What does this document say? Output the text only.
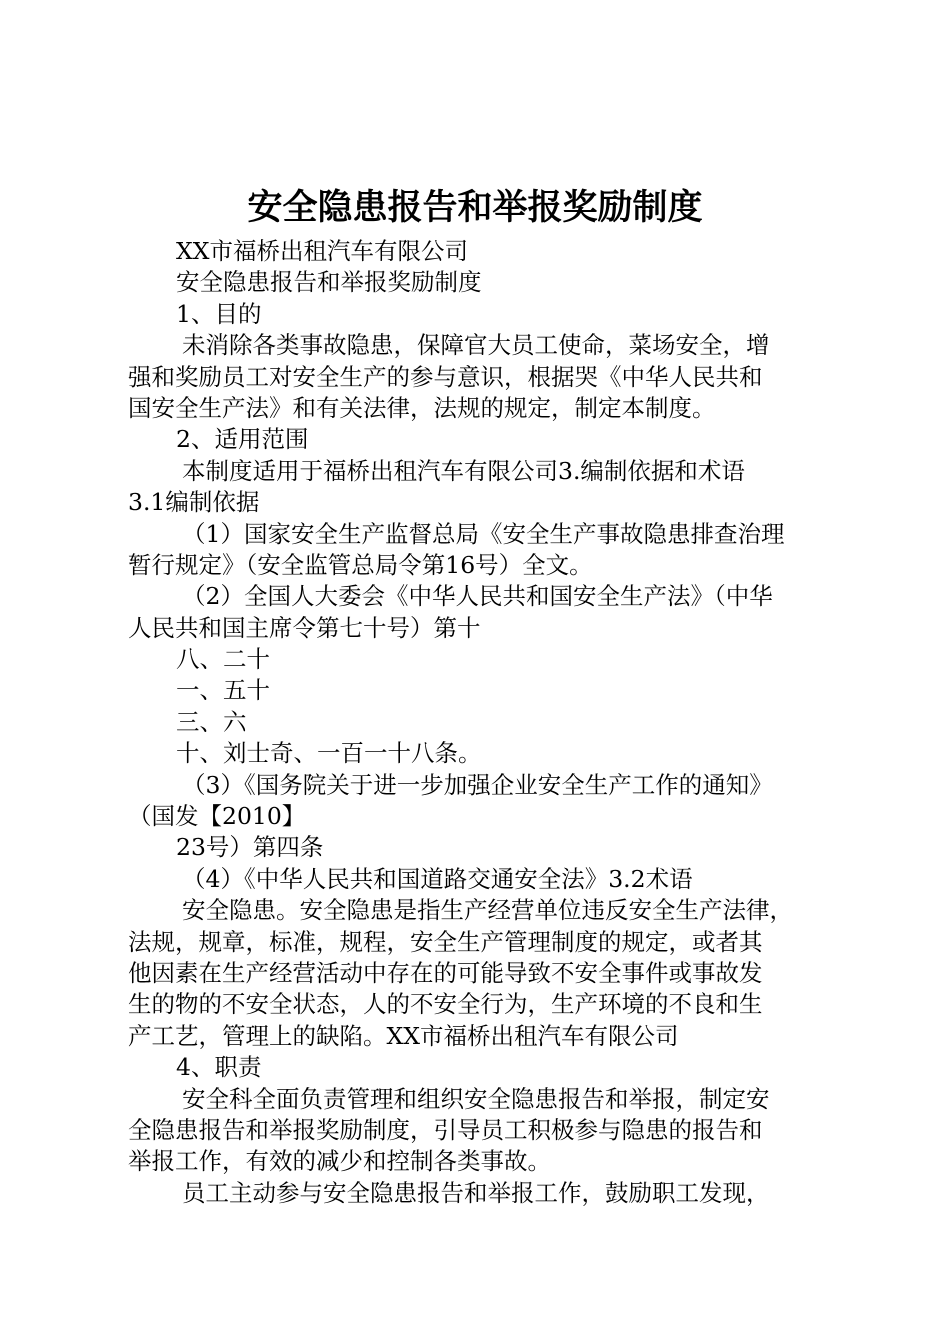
安全隐患报告和举报奖励制度
XX市福桥出租汽车有限公司
安全隐患报告和举报奖励制度
1、目的
未消除各类事故隐患，保障官大员工使命，菜场安全，增
强和奖励员工对安全生产的参与意识，根据哭《中华人民共和
国安全生产法》和有关法律，法规的规定，制定本制度。
2、适用范围
本制度适用于福桥出租汽车有限公司3.编制依据和术语
3.1编制依据
（1）国家安全生产监督总局《安全生产事故隐患排查治理
暂行规定》（安全监管总局令第16号）全文。
（2）全国人大委会《中华人民共和国安全生产法》（中华
人民共和国主席令第七十号）第十
八、二十
一、五十
三、六
十、刘士奇、一百一十八条。
（3）《国务院关于进一步加强企业安全生产工作的通知》
（国发【2010】
23号）第四条
（4）《中华人民共和国道路交通安全法》3.2术语
安全隐患。安全隐患是指生产经营单位违反安全生产法律，
法规，规章，标准，规程，安全生产管理制度的规定，或者其
他因素在生产经营活动中存在的可能导致不安全事件或事故发
生的物的不安全状态，人的不安全行为，生产环境的不良和生
产工艺，管理上的缺陷。XX市福桥出租汽车有限公司
4、职责
安全科全面负责管理和组织安全隐患报告和举报，制定安
全隐患报告和举报奖励制度，引导员工积极参与隐患的报告和
举报工作，有效的减少和控制各类事故。
员工主动参与安全隐患报告和举报工作，鼓励职工发现，
